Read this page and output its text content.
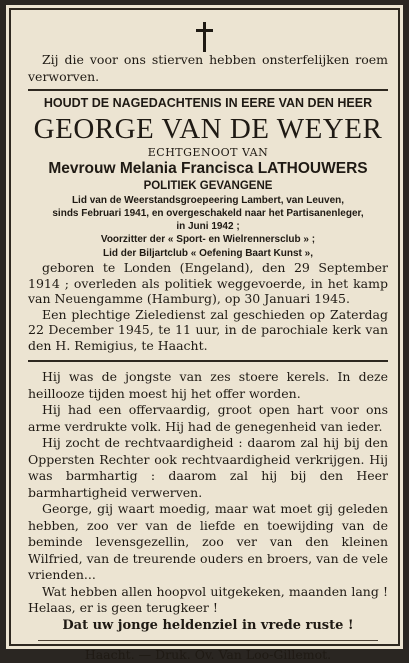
Zij die voor ons stierven hebben onsterfelijken roem verworven.

HOUDT DE NAGEDACHTENIS IN EERE VAN DEN HEER

GEORGE VAN DE WEYER

ECHTGENOOT VAN

Mevrouw Melania Francisca LATHOUWERS

POLITIEK GEVANGENE

Lid van de Weerstandsgroepeering Lambert, van Leuven,

sinds Februari 1941, en overgeschakeld naar het Partisanenleger,

in Juni 1942 ;

Voorzitter der « Sport- en Wielrennersclub » ;

Lid der Biljartclub « Oefening Baart Kunst »,

geboren te Londen (Engeland), den 29 September 1914 ; overleden als politiek weggevoerde, in het kamp van Neuengamme (Hamburg), op 30 Januari 1945.

Een plechtige Zieledienst zal geschieden op Zaterdag 22 December 1945, te 11 uur, in de parochiale kerk van den H. Remigius, te Haacht.

Hij was de jongste van zes stoere kerels. In deze heillooze tijden moest hij het offer worden.

Hij had een offervaardig, groot open hart voor ons arme verdrukte volk. Hij had de genegenheid van ieder.

Hij zocht de rechtvaardigheid : daarom zal hij bij den Oppersten Rechter ook rechtvaardigheid verkrijgen. Hij was barmhartig : daarom zal hij bij den Heer barmhartigheid verwerven.

George, gij waart moedig, maar wat moet gij geleden hebben, zoo ver van de liefde en toewijding van de beminde levensgezellin, zoo ver van den kleinen Wilfried, van de treurende ouders en broers, van de vele vrienden...

Wat hebben allen hoopvol uitgekeken, maanden lang ! Helaas, er is geen terugkeer !

Dat uw jonge heldenziel in vrede ruste !

Haacht. — Druk. Ov. Van Loo-Gillemot.
